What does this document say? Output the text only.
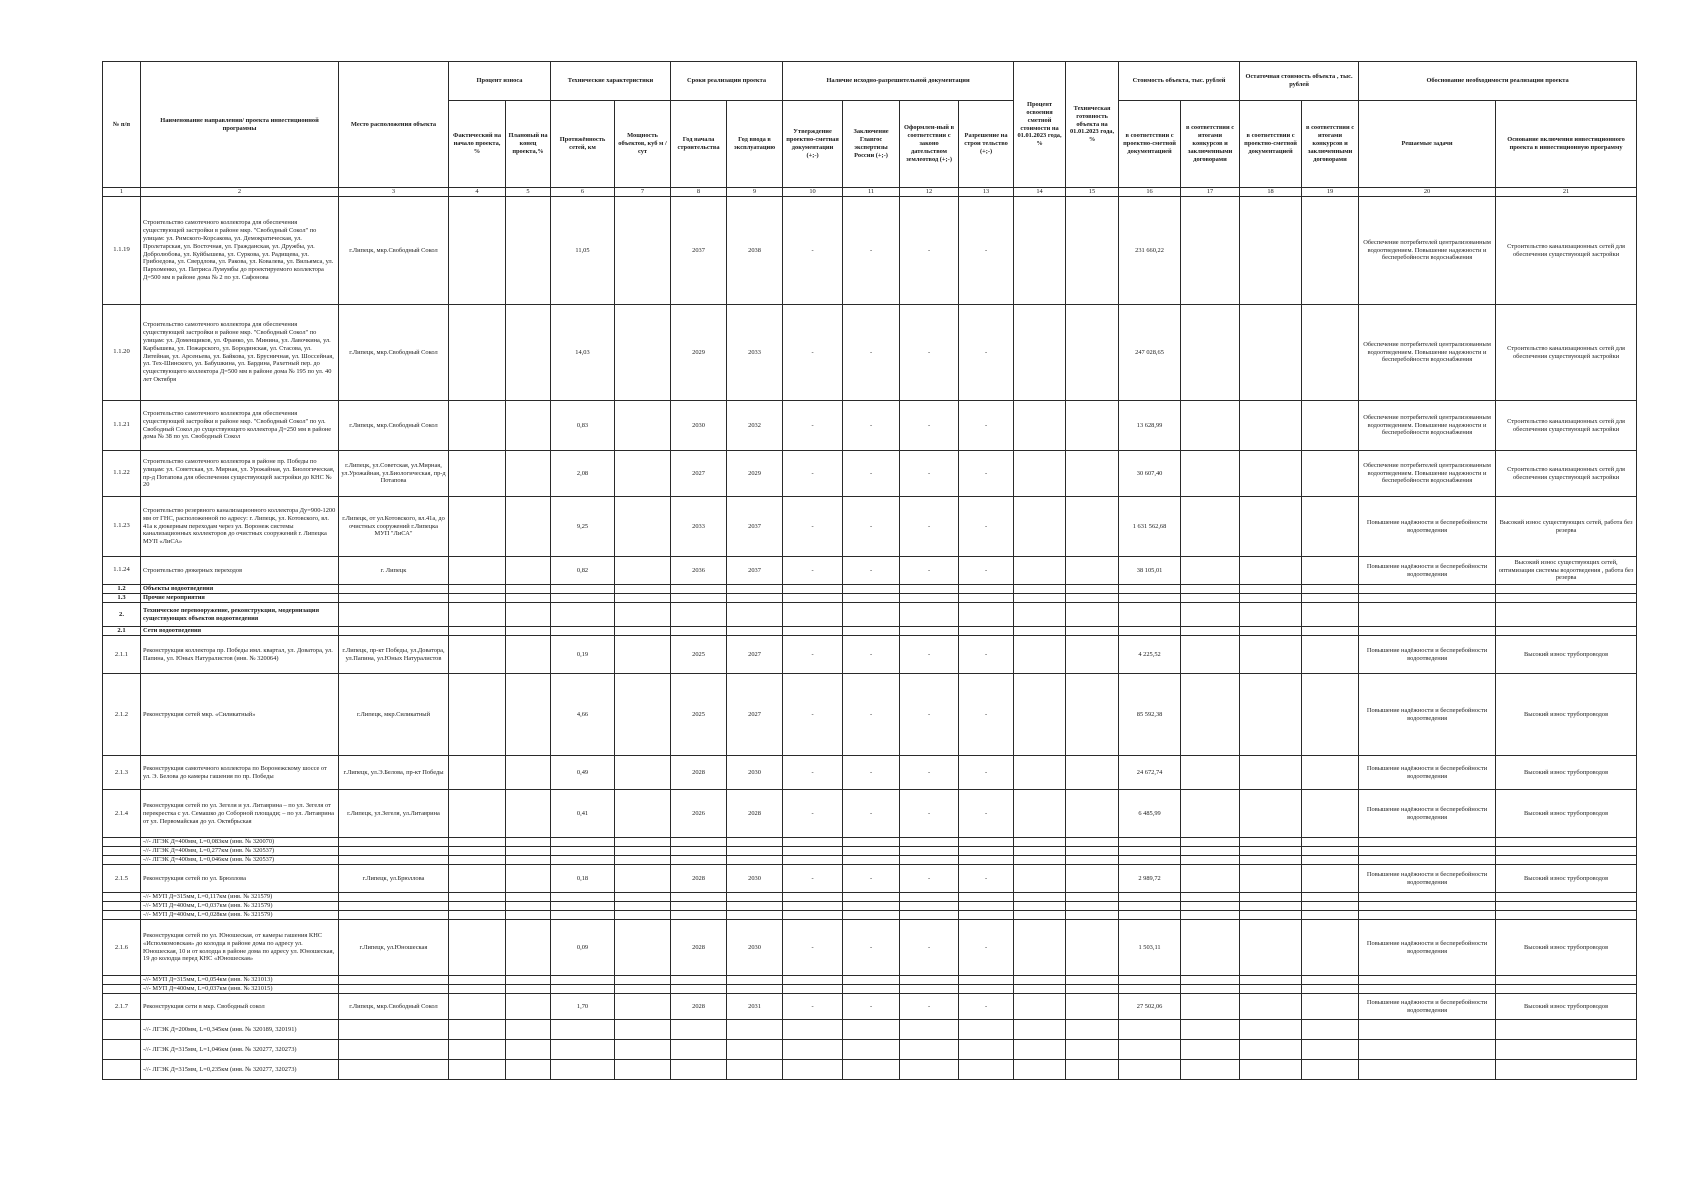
№ п/п	Наименование направления/ проекта инвестиционной программы	Место расположения объекта	Процент износа		Технические характеристики		Сроки реализации проекта		Наличие исходно-разрешительной документации				Процент освоения сметной стоимости на 01.01.2023 года, %	Техническая готовность объекта на 01.01.2023 года, %	Стоимость объекта, тыс. рублей		Остаточная стоимость объекта , тыс. рублей		Обоснование необходимости реализации проекта	
			Фактический на начало проекта, %	Плановый на конец проекта,%	Протяжённость сетей, км	Мощность объектов, куб м /сут	Год начала строительства	Год ввода в эксплуатацию	Утверждение проектно-сметная документации (+;-)	Заключение Главгос экспертизы России (+;-)	Оформлен-ный в соответствии с законо дательством землеотвод (+;-)	Разрешение на строи тельство (+;-)			в соответствии с проектно-сметной документацией	в соответствии с итогами конкурсов и заключенными договорами	в соответствии с проектно-сметной документацией	в соответствии с итогами конкурсов и заключенными договорами	Решаемые задачи	Основание включения инвестиционного проекта в инвестиционную программу
1	2	3	4	5	6	7	8	9	10	11	12	13	14	15	16	17	18	19	20	21
1.1.19	Строительство самотечного коллектора для обеспечения существующей застройки в районе мкр. "Свободный Сокол" по улицам: ул. Римского-Корсакова, ул. Демократическая, ул. Пролетарская, ул. Восточная, ул. Гражданская, ул. Дружбы, ул. Добролюбова, ул. Куйбышева, ул. Суркова, ул. Радищева, ул. Грибоедова, ул. Свердлова, ул. Ракова, ул. Ковалева, ул. Вильямса, ул. Пархоменко, ул. Патриса Лумумбы до проектируемого коллектора Д=500 мм в районе дома № 2 по ул. Сафонова	г.Липецк, мкр.Свободный Сокол			11,05		2037	2038	-	-	-	-			231 660,22				Обеспечение потребителей централизованным водоотведением. Повышение надежности и бесперебойности водоснабжения	Строительство канализационных сетей для обеспечения существующей застройки
1.1.20	Строительство самотечного коллектора для обеспечения существующей застройки в районе мкр. "Свободный Сокол" по улицам: ул. Доменщиков, ул. Франко, ул. Минина, ул. Лавочкина, ул. Карбышева, ул. Пожарского, ул. Бородинская, ул. Стасова, ул. Литейная, ул. Арсеньева, ул. Байкова, ул. Брусничная, ул. Шоссейная, ул. Тех-Шинского, ул. Бабушкина, ул. Бардина, Рахетный пер. до существующего коллектора Д=500 мм в районе дома № 195 по ул. 40 лет Октября	г.Липецк, мкр.Свободный Сокол			14,03		2029	2033	-	-	-	-			247 028,65				Обеспечение потребителей централизованным водоотведением. Повышение надежности и бесперебойности водоснабжения	Строительство канализационных сетей для обеспечения существующей застройки
1.1.21	Строительство самотечного коллектора для обеспечения существующей застройки в районе мкр. "Свободный Сокол" по ул. Свободный Сокол до существующего коллектора Д=250 мм в районе дома № 38 по ул. Свободный Сокол	г.Липецк, мкр.Свободный Сокол			0,83		2030	2032	-	-	-	-			13 628,99				Обеспечение потребителей централизованным водоотведением. Повышение надежности и бесперебойности водоснабжения	Строительство канализационных сетей для обеспечения существующей застройки
1.1.22	Строительство самотечного коллектора в районе пр. Победы по улицам: ул. Советская, ул. Мирная, ул. Урожайная, ул. Биологическая, пр-д Потапова для обеспечения существующей застройки до КНС № 20	г.Липецк, ул.Советская, ул.Мирная, ул.Урожайная, ул.Биологическая, пр-д Потапова			2,08		2027	2029	-	-	-	-			30 607,40				Обеспечение потребителей централизованным водоотведением. Повышение надежности и бесперебойности водоснабжения	Строительство канализационных сетей для обеспечения существующей застройки
1.1.23	Строительство резервного канализационного коллектора Ду=900-1200 мм от ГНС, расположенной по адресу: г. Липецк, ул. Котовского, вл. 41а к дюкерным переходам через ул. Воронеж системы канализационных коллекторов до очистных сооружений г. Липецка МУП «ЛиСА»	г.Липецк, от ул.Котовского, вл.41а, до очистных сооружений г.Липецка МУП "ЛиСА"			9,25		2033	2037	-	-	-	-			1 631 562,68				Повышение надёжности и бесперебойности водоотведения	Высокий износ существующих сетей, работа без резерва
1.1.24	Строительство дюкерных переходов	г. Липецк			0,82		2036	2037	-	-	-	-			38 105,01				Повышение надёжности и бесперебойности водоотведения	Высокий износ существующих сетей, оптимизация системы водоотведения , работа без резерва
1.2	Объекты водоотведения																			
1.3	Прочие мероприятия																			
2.	Техническое перевооружение, реконструкция, модернизация существующих объектов водоотведения																			
2.1	Сети водоотведения																			
2.1.1	Реконструкция коллектора пр. Победы имл. квартал, ул. Доватора, ул. Папина, ул. Юных Натуралистов (инв. № 320064)	г.Липецк, пр-кт Победы, ул.Доватора, ул.Папина, ул.Юных Натуралистов			0,19		2025	2027	-	-	-	-			4 225,52				Повышение надёжности и бесперебойности водоотведения	Высокий износ трубопроводов
2.1.2	Реконструкция сетей мкр. «Силикатный»	г.Липецк, мкр.Силикатный			4,66		2025	2027	-	-	-	-			85 592,38				Повышение надёжности и бесперебойности водоотведения	Высокий износ трубопроводов
2.1.3	Реконструкция самотечного коллектора по Воронежскому шоссе от ул. Э. Белова до камеры гашения по пр. Победы	г.Липецк, ул.Э.Белова, пр-кт Победы			0,49		2028	2030	-	-	-	-			24 672,74				Повышение надёжности и бесперебойности водоотведения	Высокий износ трубопроводов
2.1.4	Реконструкция сетей по ул. Зегеля и ул. Литаврина – по ул. Зегеля от перекрестка с ул. Семашко до Соборной площади; – по ул. Литаврина от ул. Первомайская до ул. Октябрьская	г.Липецк, ул.Зегеля, ул.Литаврина			0,41		2026	2028	-	-	-	-			6 485,99				Повышение надёжности и бесперебойности водоотведения	Высокий износ трубопроводов
	-//- ЛГЭК Д=400мм, L=0,083км (инв. № 320070)																			
	-//- ЛГЭК Д=400мм, L=0,277км (инв. № 320537)																			
	-//- ЛГЭК Д=400мм, L=0,046км (инв. № 320537)																			
2.1.5	Реконструкция сетей по ул. Брюллова	г.Липецк, ул.Брюллова			0,18		2028	2030	-	-	-	-			2 989,72				Повышение надёжности и бесперебойности водоотведения	Высокий износ трубопроводов
	-//- МУП Д=315мм, L=0,117км (инв. № 321579)																			
	-//- МУП Д=400мм, L=0,037км (инв. № 321579)																			
	-//- МУП Д=400мм, L=0,028км (инв. № 321579)																			
2.1.6	Реконструкция сетей по ул. Юношеская, от камеры гашения КНС «Исполкомовская» до колодца в районе дома по адресу ул. Юношеская, 10 и от колодца в районе дома по адресу ул. Юношеская, 19 до колодца перед КНС «Юношеская»	г.Липецк, ул.Юношеская			0,09		2028	2030	-	-	-	-			1 503,11				Повышение надёжности и бесперебойности водоотведения	Высокий износ трубопроводов
	-//- МУП Д=315мм, L=0,054км (инв. № 321013)																			
	-//- МУП Д=400мм, L=0,037км (инв. № 321015)																			
2.1.7	Реконструкция сети в мкр. Свободный сокол	г.Липецк, мкр.Свободный Сокол			1,70		2028	2031	-	-	-	-			27 502,06				Повышение надёжности и бесперебойности водоотведения	Высокий износ трубопроводов
	-//- ЛГЭК Д=200мм, L=0,345км (инв. № 320189, 320191)																			
	-//- ЛГЭК Д=315мм, L=1,046км (инв. № 320277, 320273)																			
	-//- ЛГЭК Д=315мм, L=0,235км (инв. № 320277, 320273)																			
